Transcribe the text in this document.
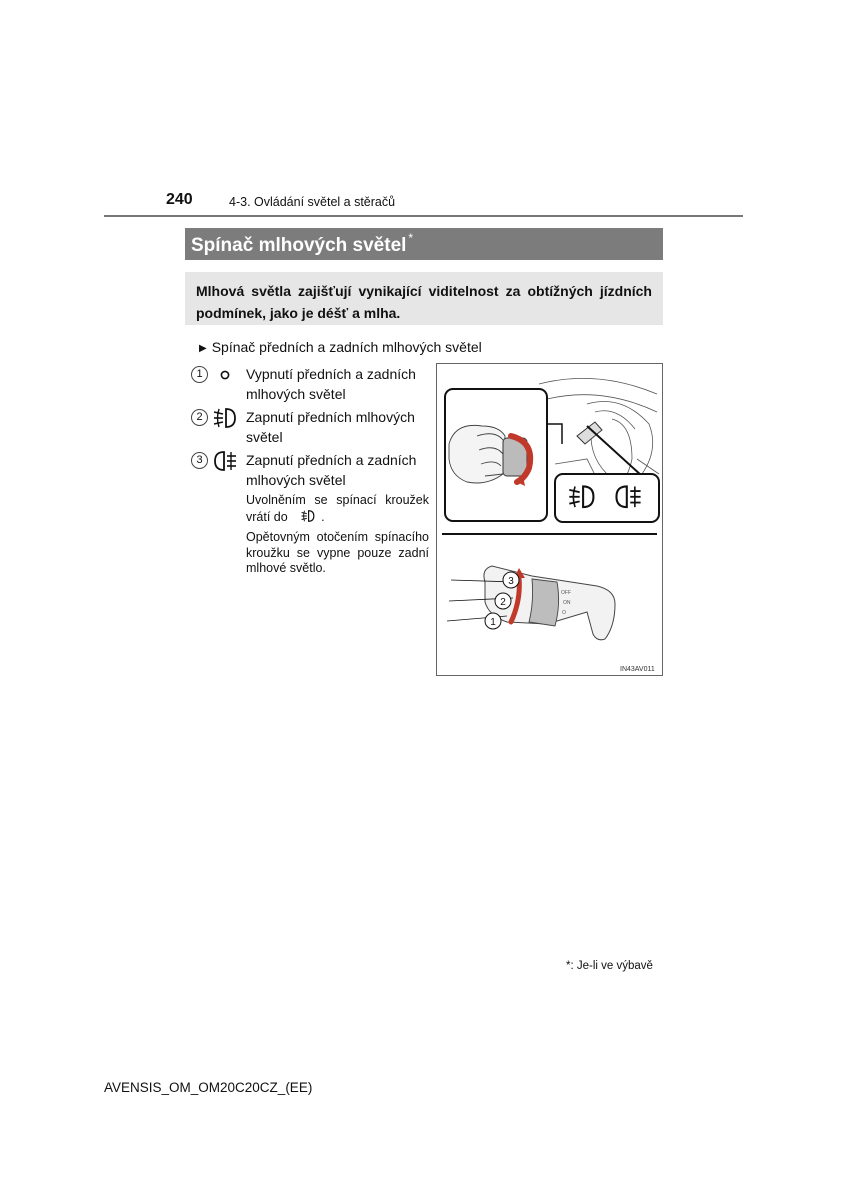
240	4-3. Ovládání světel a stěračů
Spínač mlhových světel *
Mlhová světla zajišťují vynikající viditelnost za obtížných jízdních podmínek, jako je déšť a mlha.
▶ Spínač předních a zadních mlhových světel
1	Vypnutí předních a zadních
mlhových světel
2	Zapnutí předních mlhových
světel
3	Zapnutí předních a zadních
mlhových světel
Uvolněním se spínací kroužek vrátí do	.
Opětovným otočením spínacího kroužku se vypne pouze zadní mlhové světlo.
OFF
ON
O
1
2
3
IN43AV011
*: Je-li ve výbavě
AVENSIS_OM_OM20C20CZ_(EE)
